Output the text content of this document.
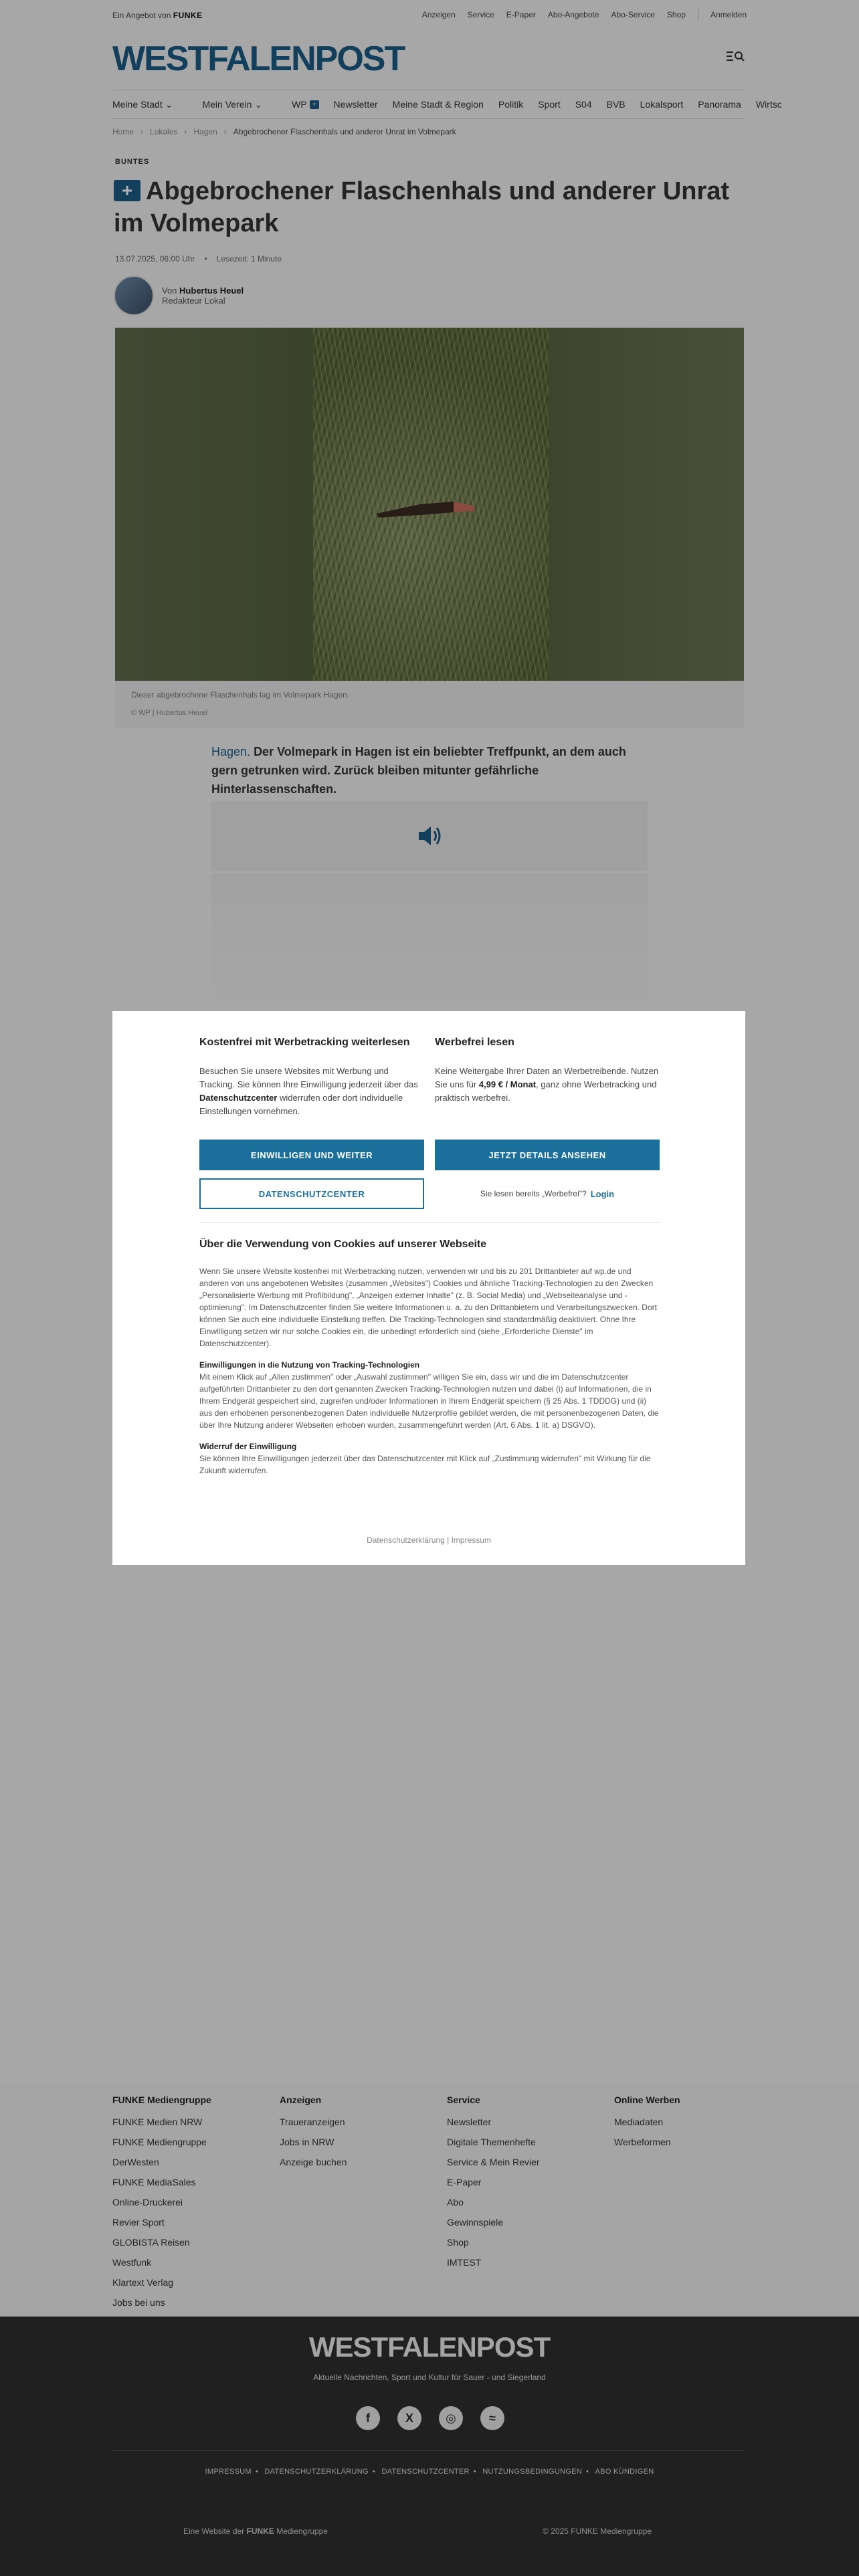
Ein Angebot von FUNKE	Anzeigen Service E-Paper Abo-Angebote Abo-Service Shop	Anmelden
WESTFALENPOST
Meine Stadt ⌄	Mein Verein ⌄	WP + Newsletter Meine Stadt & Region Politik Sport S04 BVB Lokalsport Panorama Wirtsc
Home › Lokales › Hagen › Abgebrochener Flaschenhals und anderer Unrat im Volmepark
BUNTES
+ Abgebrochener Flaschenhals und anderer Unrat im Volmepark
13.07.2025, 06:00 Uhr • Lesezeit: 1 Minute
Von Hubertus Heuel
Redakteur Lokal
Dieser abgebrochene Flaschenhals lag im Volmepark Hagen.
© WP | Hubertus Heuel

Hagen. Der Volmepark in Hagen ist ein beliebter Treffpunkt, an dem auch gern getrunken wird. Zurück bleiben mitunter gefährliche Hinterlassenschaften.

FUNKE Mediengruppe
FUNKE Medien NRW
FUNKE Mediengruppe
DerWesten
FUNKE MediaSales
Online-Druckerei
Revier Sport
GLOBISTA Reisen
Westfunk
Klartext Verlag
Jobs bei uns
Anzeigen
Traueranzeigen
Jobs in NRW
Anzeige buchen
Service
Newsletter
Digitale Themenhefte
Service & Mein Revier
E-Paper
Abo
Gewinnspiele
Shop
IMTEST
Online Werben
Mediadaten
Werbeformen
WESTFALENPOST
Aktuelle Nachrichten, Sport und Kultur für Sauer - und Siegerland
f	X	◎	≈
IMPRESSUM • DATENSCHUTZERKLÄRUNG • DATENSCHUTZCENTER • NUTZUNGSBEDINGUNGEN • ABO KÜNDIGEN
Eine Website der FUNKE Mediengruppe	© 2025 FUNKE Mediengruppe
Kostenfrei mit Werbetracking weiterlesen

Besuchen Sie unsere Websites mit Werbung und Tracking. Sie können Ihre Einwilligung jederzeit über das Datenschutzcenter widerrufen oder dort individuelle Einstellungen vornehmen.

Werbefrei lesen

Keine Weitergabe Ihrer Daten an Werbetreibende. Nutzen Sie uns für 4,99 € / Monat, ganz ohne Werbetracking und praktisch werbefrei.

EINWILLIGEN UND WEITER	JETZT DETAILS ANSEHEN
DATENSCHUTZCENTER	Sie lesen bereits „Werbefrei"? Login
Über die Verwendung von Cookies auf unserer Webseite

Wenn Sie unsere Website kostenfrei mit Werbetracking nutzen, verwenden wir und bis zu 201 Drittanbieter auf wp.de und anderen von uns angebotenen Websites (zusammen „Websites") Cookies und ähnliche Tracking-Technologien zu den Zwecken „Personalisierte Werbung mit Profilbildung", „Anzeigen externer Inhalte" (z. B. Social Media) und „Webseiteanalyse und -optimierung". Im Datenschutzcenter finden Sie weitere Informationen u. a. zu den Drittanbietern und Verarbeitungszwecken. Dort können Sie auch eine individuelle Einstellung treffen. Die Tracking-Technologien sind standardmäßig deaktiviert. Ohne Ihre Einwilligung setzen wir nur solche Cookies ein, die unbedingt erforderlich sind (siehe „Erforderliche Dienste" im Datenschutzcenter).

Einwilligungen in die Nutzung von Tracking-Technologien

Mit einem Klick auf „Allen zustimmen" oder „Auswahl zustimmen" willigen Sie ein, dass wir und die im Datenschutzcenter aufgeführten Drittanbieter zu den dort genannten Zwecken Tracking-Technologien nutzen und dabei (i) auf Informationen, die in Ihrem Endgerät gespeichert sind, zugreifen und/oder Informationen in Ihrem Endgerät speichern (§ 25 Abs. 1 TDDDG) und (ii) aus den erhobenen personenbezogenen Daten individuelle Nutzerprofile gebildet werden, die mit personenbezogenen Daten, die über Ihre Nutzung anderer Webseiten erhoben wurden, zusammengeführt werden (Art. 6 Abs. 1 lit. a) DSGVO).

Widerruf der Einwilligung

Sie können Ihre Einwilligungen jederzeit über das Datenschutzcenter mit Klick auf „Zustimmung widerrufen" mit Wirkung für die Zukunft widerrufen.

Datenschutzerklärung | Impressum
